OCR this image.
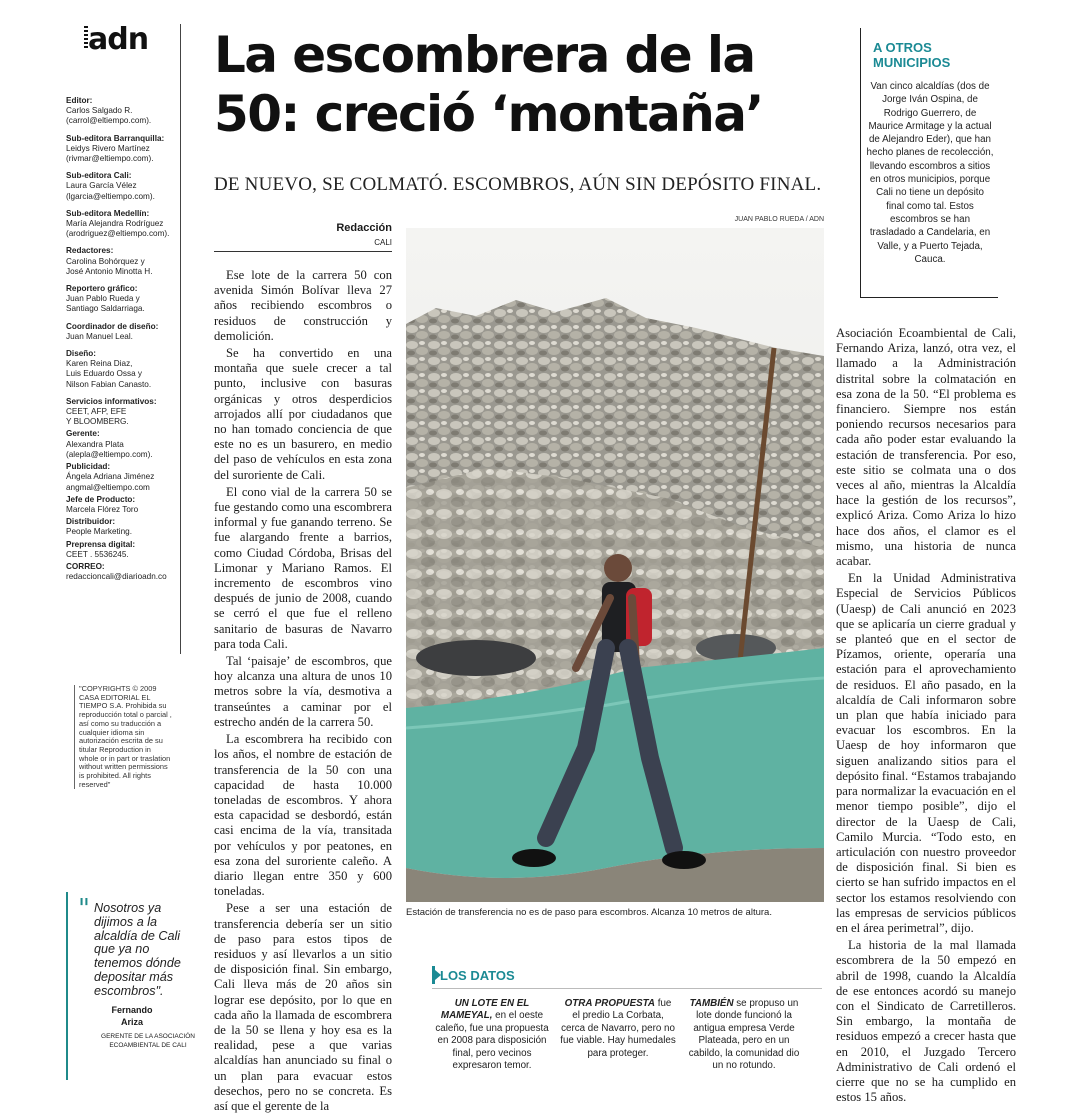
adn
Editor:
Carlos Salgado R.
(carrol@eltiempo.com).
Sub-editora Barranquilla:
Leidys Rivero Martínez
(rivmar@eltiempo.com).
Sub-editora Cali:
Laura García Vélez
(lgarcia@eltiempo.com).
Sub-editora Medellín:
María Alejandra Rodríguez
(arodriguez@eltiempo.com).
Redactores:
Carolina Bohórquez y
José Antonio Minotta H.
Reportero gráfico:
Juan Pablo Rueda y
Santiago Saldarriaga.
Coordinador de diseño:
Juan Manuel Leal.
Diseño:
Karen Reina Diaz,
Luis Eduardo Ossa y
Nilson Fabian Canasto.
Servicios informativos:
CEET, AFP, EFE
Y BLOOMBERG.
Gerente:
Alexandra Plata
(alepla@eltiempo.com).
Publicidad:
Ángela Adriana Jiménez
angmal@eltiempo.com
Jefe de Producto:
Marcela Flórez Toro
Distribuidor:
People Marketing.
Preprensa digital:
CEET . 5536245.
CORREO:
redaccioncali@diarioadn.co
"COPYRIGHTS © 2009 CASA EDITORIAL EL TIEMPO S.A. Prohibida su reproducción total o parcial , así como su traducción a cualquier idioma sin autorización escrita de su titular Reproduction in whole or in part or traslation without written permissions is prohibited. All rights reserved"
" Nosotros ya dijimos a la alcaldía de Cali que ya no tenemos dónde depositar más escombros".
Fernando
Ariza
GERENTE DE LA ASOCIACIÓN ECOAMBIENTAL DE CALI
La escombrera de la 50: creció ‘montaña’
DE NUEVO, SE COLMATÓ. ESCOMBROS, AÚN SIN DEPÓSITO FINAL.
JUAN PABLO RUEDA / ADN
A OTROS MUNICIPIOS
Van cinco alcaldías (dos de Jorge Iván Ospina, de Rodrigo Guerrero, de Maurice Armitage y la actual de Alejandro Eder), que han hecho planes de recolección, llevando escombros a sitios en otros municipios, porque Cali no tiene un depósito final como tal. Estos escombros se han trasladado a Candelaria, en Valle, y a Puerto Tejada, Cauca.
Redacción
CALI

Ese lote de la carrera 50 con avenida Simón Bolívar lleva 27 años recibiendo escombros o residuos de construcción y demolición.

Se ha convertido en una montaña que suele crecer a tal punto, inclusive con basuras orgánicas y otros desperdicios arrojados allí por ciudadanos que no han tomado conciencia de que este no es un basurero, en medio del paso de vehículos en esta zona del suroriente de Cali.

El cono vial de la carrera 50 se fue gestando como una escombrera informal y fue ganando terreno. Se fue alargando frente a barrios, como Ciudad Córdoba, Brisas del Limonar y Mariano Ramos. El incremento de escombros vino después de junio de 2008, cuando se cerró el que fue el relleno sanitario de basuras de Navarro para toda Cali.

Tal ‘paisaje’ de escombros, que hoy alcanza una altura de unos 10 metros sobre la vía, desmotiva a transeúntes a caminar por el estrecho andén de la carrera 50.

La escombrera ha recibido con los años, el nombre de estación de transferencia de la 50 con una capacidad de hasta 10.000 toneladas de escombros. Y ahora esta capacidad se desbordó, están casi encima de la vía, transitada por vehículos y por peatones, en esa zona del suroriente caleño. A diario llegan entre 350 y 600 toneladas.

Pese a ser una estación de transferencia debería ser un sitio de paso para estos tipos de residuos y así llevarlos a un sitio de disposición final. Sin embargo, Cali lleva más de 20 años sin lograr ese depósito, por lo que en cada año la llamada de escombrera de la 50 se llena y hoy esa es la realidad, pese a que varias alcaldías han anunciado su final o un plan para evacuar estos desechos, pero no se concreta. Es así que el gerente de la

Estación de transferencia no es de paso para escombros. Alcanza 10 metros de altura.

Asociación Ecoambiental de Cali, Fernando Ariza, lanzó, otra vez, el llamado a la Administración distrital sobre la colmatación en esa zona de la 50. “El problema es financiero. Siempre nos están poniendo recursos necesarios para cada año poder estar evaluando la estación de transferencia. Por eso, este sitio se colmata una o dos veces al año, mientras la Alcaldía hace la gestión de los recursos”, explicó Ariza. Como Ariza lo hizo hace dos años, el clamor es el mismo, una historia de nunca acabar.

En la Unidad Administrativa Especial de Servicios Públicos (Uaesp) de Cali anunció en 2023 que se aplicaría un cierre gradual y se planteó que en el sector de Pízamos, oriente, operaría una estación para el aprovechamiento de residuos. El año pasado, en la alcaldía de Cali informaron sobre un plan que había iniciado para evacuar los escombros. En la Uaesp de hoy informaron que siguen analizando sitios para el depósito final. “Estamos trabajando para normalizar la evacuación en el menor tiempo posible”, dijo el director de la Uaesp de Cali, Camilo Murcia. “Todo esto, en articulación con nuestro proveedor de disposición final. Si bien es cierto se han sufrido impactos en el sector los estamos resolviendo con las empresas de servicios públicos en el área perimetral”, dijo.

La historia de la mal llamada escombrera de la 50 empezó en abril de 1998, cuando la Alcaldía de ese entonces acordó su manejo con el Sindicato de Carretilleros. Sin embargo, la montaña de residuos empezó a crecer hasta que en 2010, el Juzgado Tercero Administrativo de Cali ordenó el cierre que no se ha cumplido en estos 15 años.

LOS DATOS
UN LOTE EN EL MAMEYAL, en el oeste caleño, fue una propuesta en 2008 para disposición final, pero vecinos expresaron temor.
OTRA PROPUESTA fue el predio La Corbata, cerca de Navarro, pero no fue viable. Hay humedales para proteger.
TAMBIÉN se propuso un lote donde funcionó la antigua empresa Verde Plateada, pero en un cabildo, la comunidad dio un no rotundo.
